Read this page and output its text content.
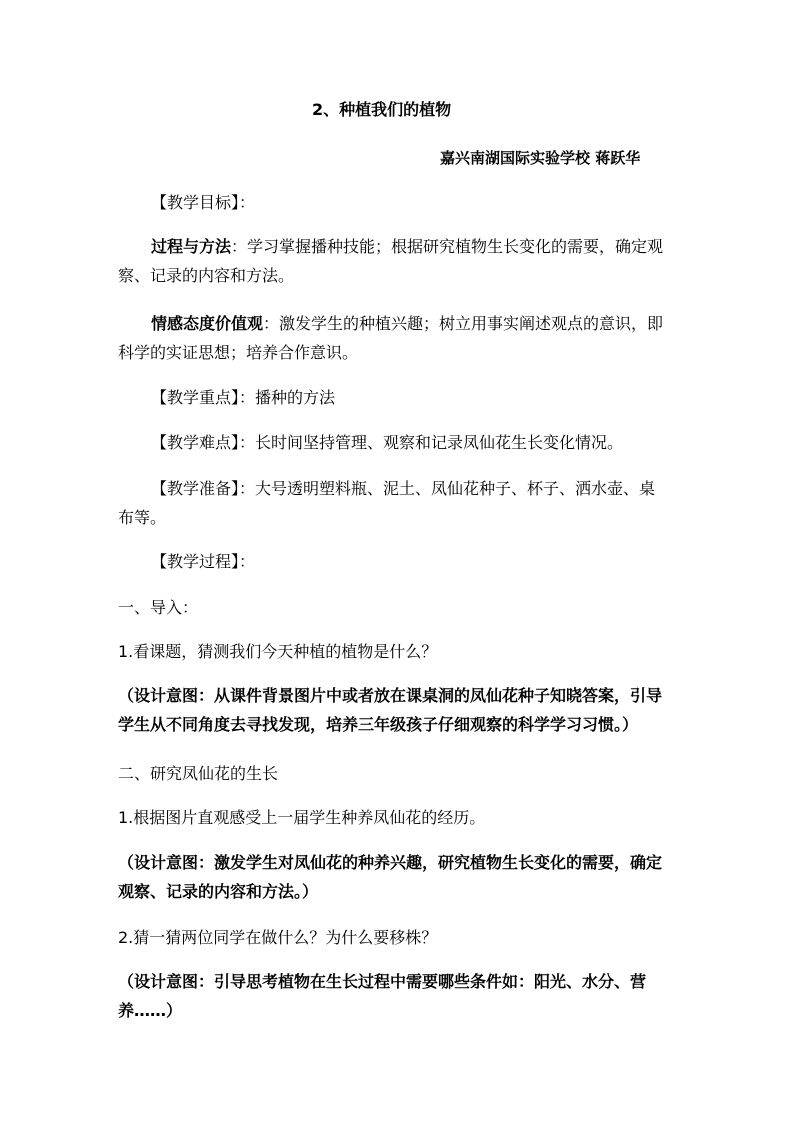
2、种植我们的植物

嘉兴南湖国际实验学校 蒋跃华

【教学目标】：

过程与方法：学习掌握播种技能；根据研究植物生长变化的需要，确定观

察、记录的内容和方法。

情感态度价值观：激发学生的种植兴趣；树立用事实阐述观点的意识，即

科学的实证思想；培养合作意识。

【教学重点】：播种的方法

【教学难点】：长时间坚持管理、观察和记录凤仙花生长变化情况。

【教学准备】：大号透明塑料瓶、泥土、凤仙花种子、杯子、洒水壶、桌

布等。

【教学过程】：

一、导入：

1.看课题，猜测我们今天种植的植物是什么？

（设计意图：从课件背景图片中或者放在课桌洞的凤仙花种子知晓答案，引导

学生从不同角度去寻找发现，培养三年级孩子仔细观察的科学学习习惯。）

二、研究凤仙花的生长

1.根据图片直观感受上一届学生种养凤仙花的经历。

（设计意图：激发学生对凤仙花的种养兴趣，研究植物生长变化的需要，确定

观察、记录的内容和方法。）

2.猜一猜两位同学在做什么？为什么要移株？

（设计意图：引导思考植物在生长过程中需要哪些条件如：阳光、水分、营

养……）
